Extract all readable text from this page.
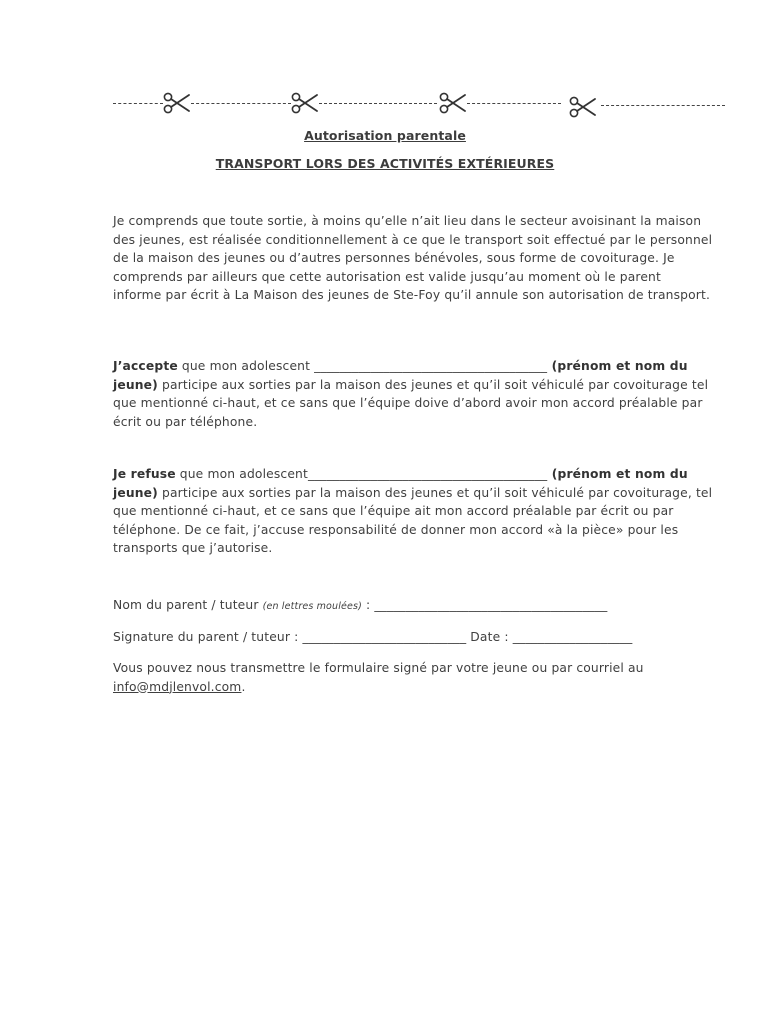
Autorisation parentale
TRANSPORT LORS DES ACTIVITÉS EXTÉRIEURES
Je comprends que toute sortie, à moins qu’elle n’ait lieu dans le secteur avoisinant la maison des jeunes, est réalisée conditionnellement à ce que le transport soit effectué par le personnel de la maison des jeunes ou d’autres personnes bénévoles, sous forme de covoiturage. Je comprends par ailleurs que cette autorisation est valide jusqu’au moment où le parent informe par écrit à La Maison des jeunes de Ste-Foy qu’il annule son autorisation de transport.
J’accepte que mon adolescent _____________________________________ (prénom et nom du jeune) participe aux sorties par la maison des jeunes et qu’il soit véhiculé par covoiturage tel que mentionné ci-haut, et ce sans que l’équipe doive d’abord avoir mon accord préalable par écrit ou par téléphone.
Je refuse que mon adolescent______________________________________ (prénom et nom du jeune) participe aux sorties par la maison des jeunes et qu’il soit véhiculé par covoiturage, tel que mentionné ci-haut, et ce sans que l’équipe ait mon accord préalable par écrit ou par téléphone. De ce fait, j’accuse responsabilité de donner mon accord «à la pièce» pour les transports que j’autorise.
Nom du parent / tuteur (en lettres moulées) : _____________________________________
Signature du parent / tuteur : __________________________ Date : ___________________
Vous pouvez nous transmettre le formulaire signé par votre jeune ou par courriel au info@mdjlenvol.com.
